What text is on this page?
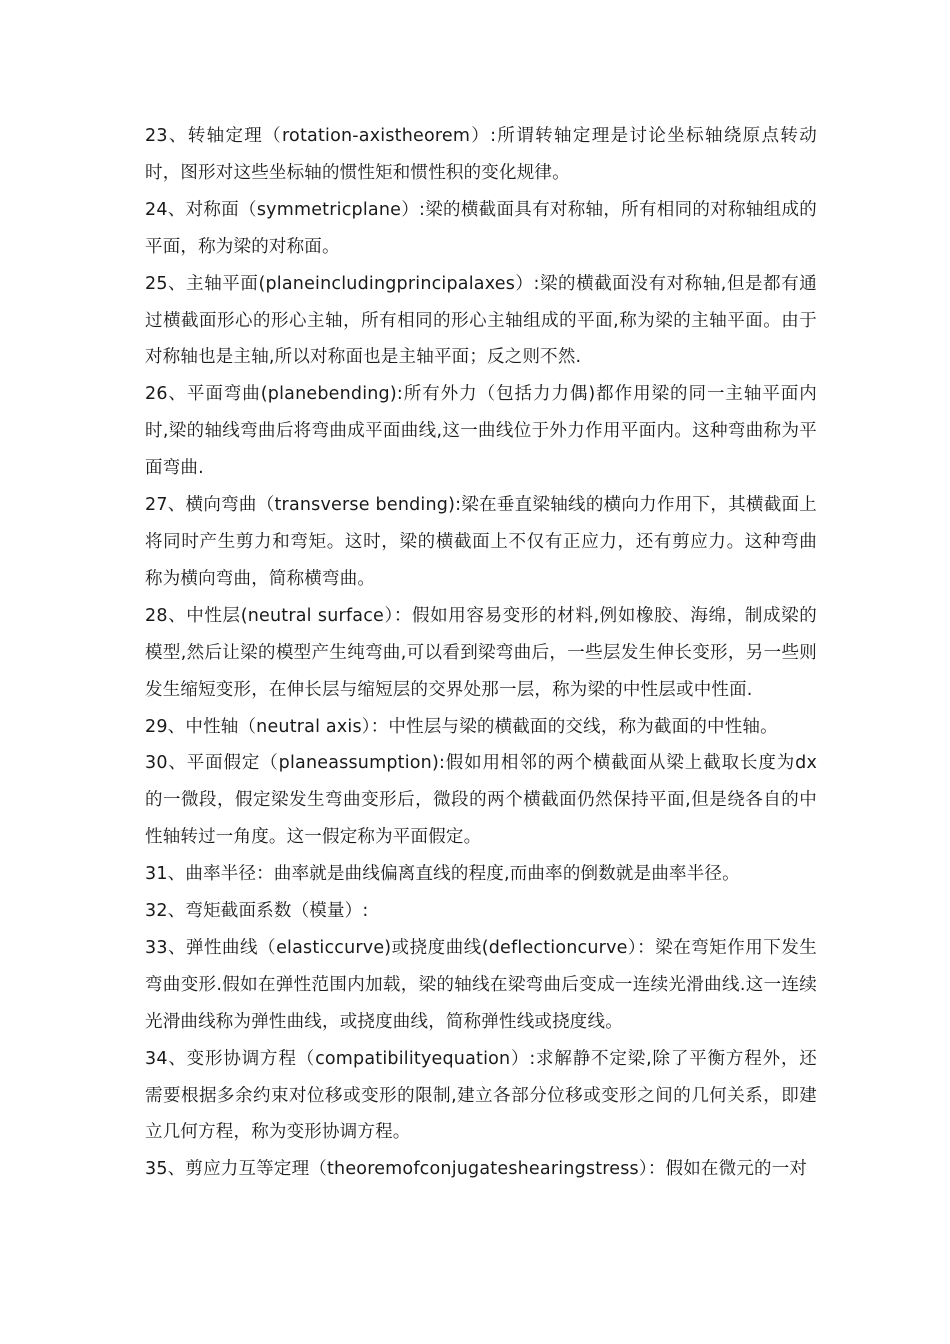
23、转轴定理（rotation-axistheorem）:所谓转轴定理是讨论坐标轴绕原点转动时，图形对这些坐标轴的惯性矩和惯性积的变化规律。

24、对称面（symmetricplane）:梁的横截面具有对称轴，所有相同的对称轴组成的平面，称为梁的对称面。

25、主轴平面(planeincludingprincipalaxes）:梁的横截面没有对称轴,但是都有通过横截面形心的形心主轴，所有相同的形心主轴组成的平面,称为梁的主轴平面。由于对称轴也是主轴,所以对称面也是主轴平面；反之则不然.

26、平面弯曲(planebending):所有外力（包括力力偶)都作用梁的同一主轴平面内时,梁的轴线弯曲后将弯曲成平面曲线,这一曲线位于外力作用平面内。这种弯曲称为平面弯曲.

27、横向弯曲（transverse bending):梁在垂直梁轴线的横向力作用下，其横截面上将同时产生剪力和弯矩。这时，梁的横截面上不仅有正应力，还有剪应力。这种弯曲称为横向弯曲，简称横弯曲。

28、中性层(neutral surface）：假如用容易变形的材料,例如橡胶、海绵，制成梁的模型,然后让梁的模型产生纯弯曲,可以看到梁弯曲后，一些层发生伸长变形，另一些则发生缩短变形，在伸长层与缩短层的交界处那一层，称为梁的中性层或中性面.

29、中性轴（neutral axis）：中性层与梁的横截面的交线，称为截面的中性轴。

30、平面假定（planeassumption):假如用相邻的两个横截面从梁上截取长度为dx 的一微段，假定梁发生弯曲变形后，微段的两个横截面仍然保持平面,但是绕各自的中性轴转过一角度。这一假定称为平面假定。

31、曲率半径：曲率就是曲线偏离直线的程度,而曲率的倒数就是曲率半径。

32、弯矩截面系数（模量）:

33、弹性曲线（elasticcurve)或挠度曲线(deflectioncurve）：梁在弯矩作用下发生弯曲变形.假如在弹性范围内加载，梁的轴线在梁弯曲后变成一连续光滑曲线.这一连续光滑曲线称为弹性曲线，或挠度曲线，简称弹性线或挠度线。

34、变形协调方程（compatibilityequation）:求解静不定梁,除了平衡方程外，还需要根据多余约束对位移或变形的限制,建立各部分位移或变形之间的几何关系，即建立几何方程，称为变形协调方程。

35、剪应力互等定理（theoremofconjugateshearingstress）：假如在微元的一对
